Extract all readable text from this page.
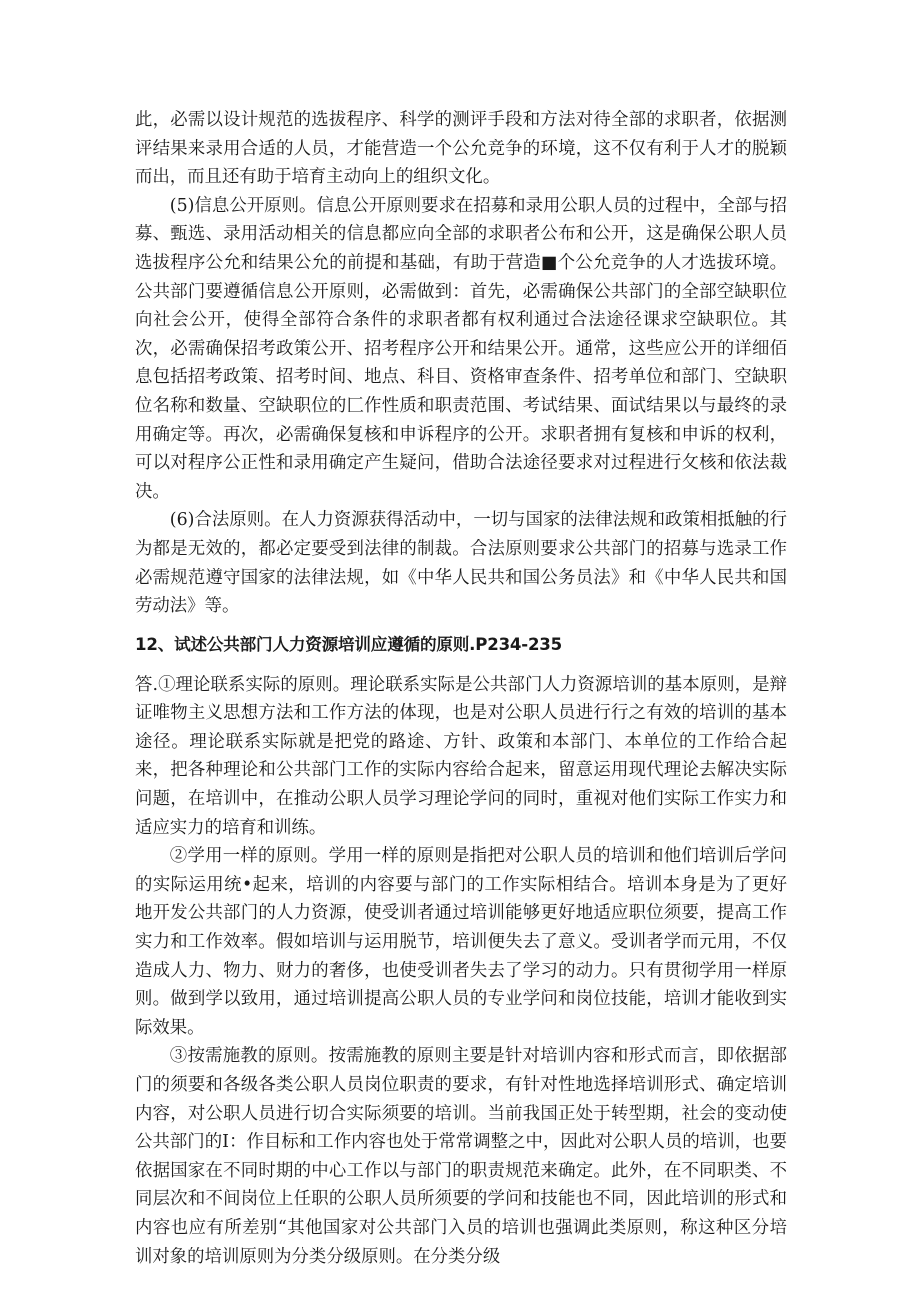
此，必需以设计规范的选拔程序、科学的测评手段和方法对待全部的求职者，依据测评结果来录用合适的人员，才能营造一个公允竞争的环境，这不仅有利于人才的脱颖而出，而且还有助于培育主动向上的组织文化。

(5)信息公开原则。信息公开原则要求在招募和录用公职人员的过程中，全部与招募、甄选、录用活动相关的信息都应向全部的求职者公布和公开，这是确保公职人员选拔程序公允和结果公允的前提和基础，有助于营造■个公允竞争的人才选拔环境。公共部门要遵循信息公开原则，必需做到：首先，必需确保公共部门的全部空缺职位向社会公开，使得全部符合条件的求职者都有权利通过合法途径课求空缺职位。其次，必需确保招考政策公开、招考程序公开和结果公开。通常，这些应公开的详细佰息包括招考政策、招考时间、地点、科目、资格审查条件、招考单位和部门、空缺职位名称和数量、空缺职位的匚作性质和职责范围、考试结果、面试结果以与最终的录用确定等。再次，必需确保复核和申诉程序的公开。求职者拥有复核和申诉的权利，可以对程序公正性和录用确定产生疑问，借助合法途径要求对过程进行攵核和依法裁决。

(6)合法原则。在人力资源获得活动中，一切与国家的法律法规和政策相抵触的行为都是无效的，都必定要受到法律的制裁。合法原则要求公共部门的招募与选录工作必需规范遵守国家的法律法规，如《中华人民共和国公务员法》和《中华人民共和国劳动法》等。

12、试述公共部门人力资源培训应遵循的原则.P234-235

答.①理论联系实际的原则。理论联系实际是公共部门人力资源培训的基本原则，是辩证唯物主义思想方法和工作方法的体现，也是对公职人员进行行之有效的培训的基本途径。理论联系实际就是把党的路途、方针、政策和本部门、本单位的工作给合起来，把各种理论和公共部门工作的实际内容给合起来，留意运用现代理论去解决实际问题，在培训中，在推动公职人员学习理论学问的同时，重视对他们实际工作实力和适应实力的培育和训练。

②学用一样的原则。学用一样的原则是指把对公职人员的培训和他们培训后学问的实际运用统•起来，培训的内容要与部门的工作实际相结合。培训本身是为了更好地开发公共部门的人力资源，使受训者通过培训能够更好地适应职位须要，提高工作实力和工作效率。假如培训与运用脱节，培训便失去了意义。受训者学而元用，不仅造成人力、物力、财力的奢侈，也使受训者失去了学习的动力。只有贯彻学用一样原则。做到学以致用，通过培训提高公职人员的专业学问和岗位技能，培训才能收到实际效果。

③按需施教的原则。按需施教的原则主要是针对培训内容和形式而言，即依据部门的须要和各级各类公职人员岗位职责的要求，有针对性地选择培训形式、确定培训内容，对公职人员进行切合实际须要的培训。当前我国正处于转型期，社会的变动使公共部门的I：作目标和工作内容也处于常常调整之中，因此对公职人员的培训，也要依据国家在不同时期的中心工作以与部门的职责规范来确定。此外，在不同职类、不同层次和不间岗位上任职的公职人员所须要的学问和技能也不同，因此培训的形式和内容也应有所差别“其他国家对公共部门入员的培训也强调此类原则，称这种区分培训对象的培训原则为分类分级原则。在分类分级
